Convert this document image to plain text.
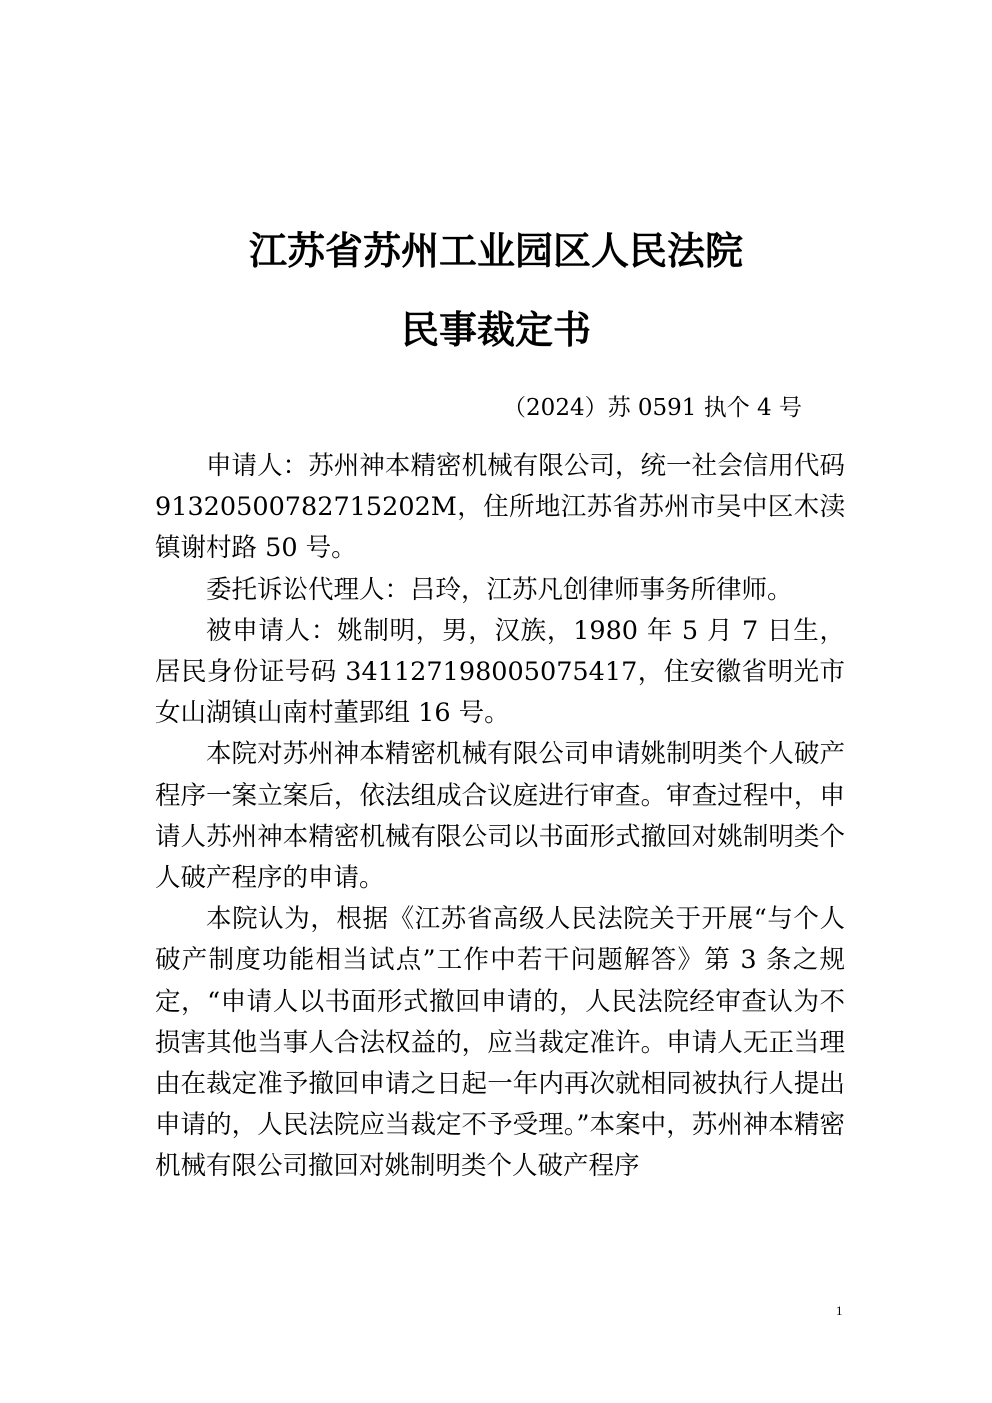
江苏省苏州工业园区人民法院
民事裁定书
（2024）苏 0591 执个 4 号

申请人：苏州神本精密机械有限公司，统一社会信用代码 91320500782715202M，住所地江苏省苏州市吴中区木渎镇谢村路 50 号。

委托诉讼代理人：吕玲，江苏凡创律师事务所律师。

被申请人：姚制明，男，汉族，1980 年 5 月 7 日生，居民身份证号码 341127198005075417，住安徽省明光市女山湖镇山南村董郢组 16 号。

本院对苏州神本精密机械有限公司申请姚制明类个人破产程序一案立案后，依法组成合议庭进行审查。审查过程中，申请人苏州神本精密机械有限公司以书面形式撤回对姚制明类个人破产程序的申请。

本院认为，根据《江苏省高级人民法院关于开展“与个人破产制度功能相当试点”工作中若干问题解答》第 3 条之规定，“申请人以书面形式撤回申请的，人民法院经审查认为不损害其他当事人合法权益的，应当裁定准许。申请人无正当理由在裁定准予撤回申请之日起一年内再次就相同被执行人提出申请的，人民法院应当裁定不予受理。”本案中，苏州神本精密机械有限公司撤回对姚制明类个人破产程序

1
